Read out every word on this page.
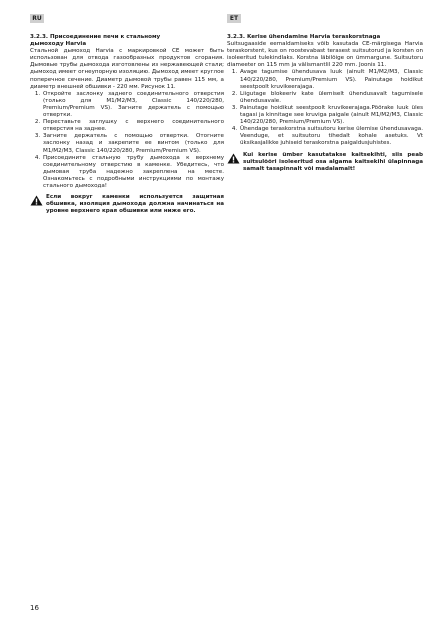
RU	ET

3.2.3. Присоединение печи к стальному
дымоходу Harvia

Стальной дымоход Harvia с маркировкой CE может быть использован для отвода газообразных продуктов сгорания. Дымовые трубы дымохода изготовлены из нержавеющей стали; дымоход имеет огнеупорную изоляцию. Дымоход имеет круглое поперечное сечение. Диаметр дымовой трубы равен 115 мм, а диаметр внешней обшивки - 220 мм. Рисунок 11.

1. Откройте заслонку заднего соединительного отверстия (только для M1/M2/M3, Classic 140/220/280, Premium/Premium VS). Загните держатель с помощью отвертки.
2. Переставьте заглушку с верхнего соединительного отверстия на заднее.
3. Загните держатель с помощью отвертки. Отогните заслонку назад и закрепите ее винтом (только для M1/M2/M3, Classic 140/220/280, Premium/Premium VS).
4. Присоедините стальную трубу дымохода к верхнему соединительному отверстию в каменке. Убедитесь, что дымовая труба надежно закреплена на месте. Ознакомьтесь с подробными инструкциями по монтажу стального дымохода!

Если вокруг каменки используется защитная обшивка, изоляция дымохода должна начинаться на уровне верхнего края обшивки или ниже его.

3.2.3. Kerise ühendamine Harvia teraskorstnaga

Suitsugaaside eemaldamiseks võib kasutada CE-märgisega Harvia teraskorstent, kus on roostevabast terasest suitsutorud ja korsten on isoleeritud tulekindlaks. Korstna läbilõige on ümmargune. Suitsutoru diameeter on 115 mm ja välismantlil 220 mm. Joonis 11.

1. Avage tagumise ühendusava luuk (ainult M1/M2/M3, Classic 140/220/280, Premium/Premium VS). Painutage hoidikut seestpoolt kruvikeerajaga.
2. Liigutage blokeeriv kate ülemiselt ühendusavalt tagumisele ühendusavale.
3. Painutage hoidikut seestpoolt kruvikeerajaga.Pöörake luuk üles tagasi ja kinnitage see kruviga paigale (ainult M1/M2/M3, Classic 140/220/280, Premium/Premium VS).
4. Ühendage teraskorstna suitsutoru kerise ülemise ühendusavaga. Veenduge, et suitsutoru tihedalt kohale asetuks. Vt üksikasjalikke juhiseid teraskorstna paigaldusjuhistes.

Kui kerise ümber kasutatakse kaitsekihti, siis peab suitsulõõri isoleeritud osa algama kaitsekihi ülapinnaga samalt tasapinnalt või madalamalt!

16
